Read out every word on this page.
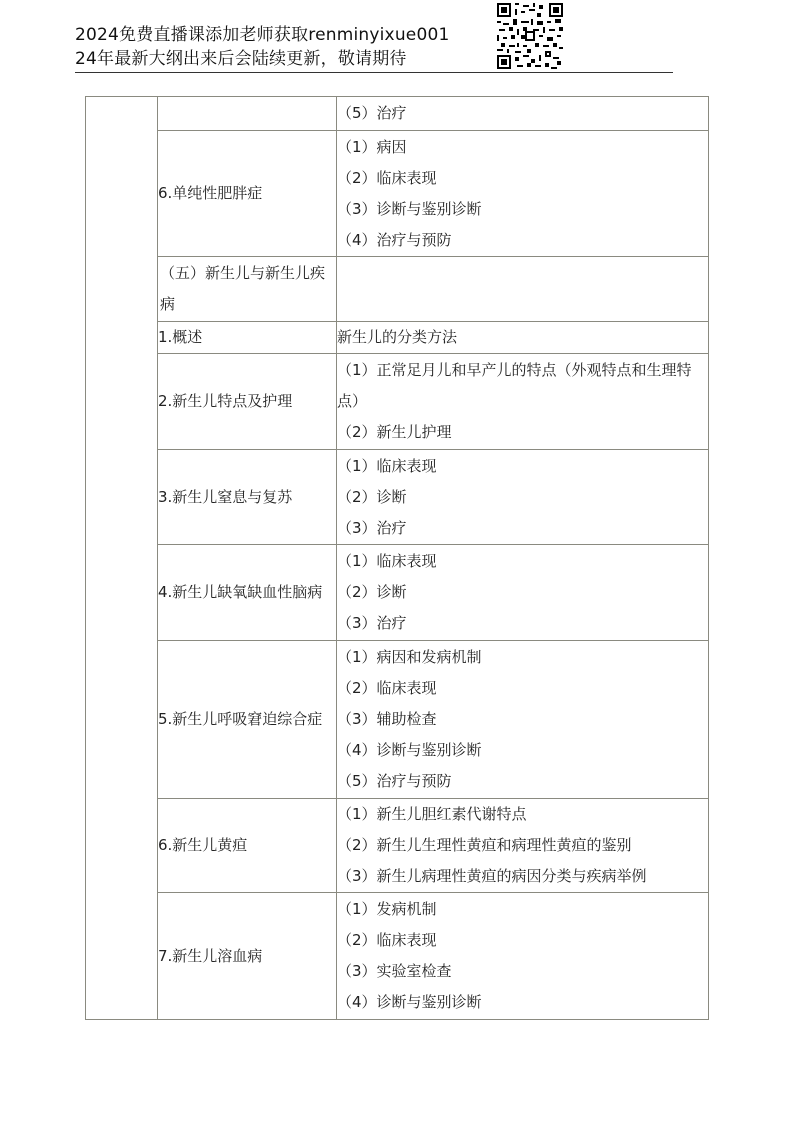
2024免费直播课添加老师获取renminyixue001
24年最新大纲出来后会陆续更新，敬请期待

		（5）治疗

	6.单纯性肥胖症	（1）病因
（2）临床表现
（3）诊断与鉴别诊断
（4）治疗与预防

	（五）新生儿与新生儿疾病	
	1.概述	新生儿的分类方法

	2.新生儿特点及护理	（1）正常足月儿和早产儿的特点（外观特点和生理特点）
（2）新生儿护理

	3.新生儿窒息与复苏	（1）临床表现
（2）诊断
（3）治疗

	4.新生儿缺氧缺血性脑病	（1）临床表现
（2）诊断
（3）治疗

	5.新生儿呼吸窘迫综合症	（1）病因和发病机制
（2）临床表现
（3）辅助检查
（4）诊断与鉴别诊断
（5）治疗与预防

	6.新生儿黄疸	（1）新生儿胆红素代谢特点
（2）新生儿生理性黄疸和病理性黄疸的鉴别
（3）新生儿病理性黄疸的病因分类与疾病举例

	7.新生儿溶血病	（1）发病机制
（2）临床表现
（3）实验室检查
（4）诊断与鉴别诊断
